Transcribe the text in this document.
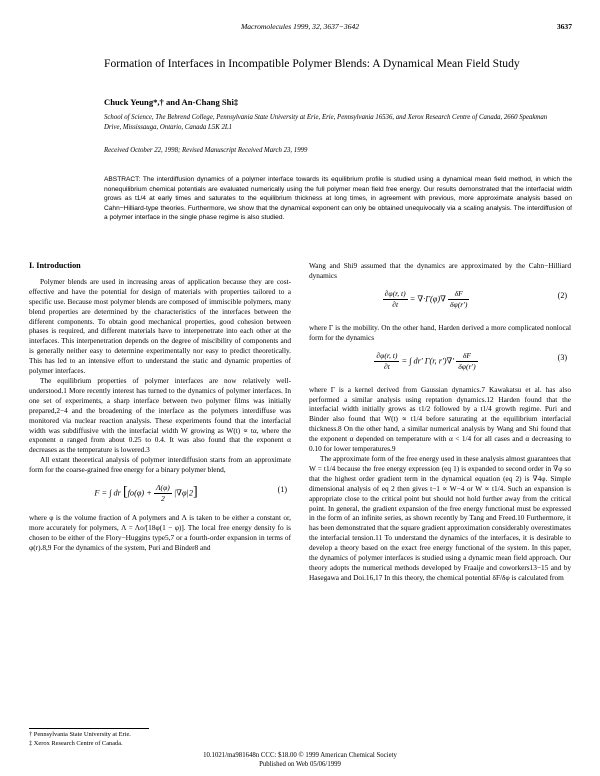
Macromolecules 1999, 32, 3637−3642	3637
Formation of Interfaces in Incompatible Polymer Blends: A Dynamical Mean Field Study
Chuck Yeung*,† and An-Chang Shi‡
School of Science, The Behrend College, Pennsylvania State University at Erie, Erie, Pennsylvania 16536, and Xerox Research Centre of Canada, 2660 Speakman Drive, Mississauga, Ontario, Canada L5K 2L1
Received October 22, 1998; Revised Manuscript Received March 23, 1999
ABSTRACT: The interdiffusion dynamics of a polymer interface towards its equilibrium profile is studied using a dynamical mean field method, in which the nonequilibrium chemical potentials are evaluated numerically using the full polymer mean field free energy. Our results demonstrated that the interfacial width grows as t1/4 at early times and saturates to the equilibrium thickness at long times, in agreement with previous, more approximate analysis based on Cahn−Hilliard-type theories. Furthermore, we show that the dynamical exponent can only be obtained unequivocally via a scaling analysis. The interdiffusion of a polymer interface in the single phase regime is also studied.
I. Introduction

Polymer blends are used in increasing areas of application because they are cost-effective and have the potential for design of materials with properties tailored to a specific use. Because most polymer blends are composed of immiscible polymers, many blend properties are determined by the characteristics of the interfaces between the different components. To obtain good mechanical properties, good cohesion between phases is required, and different materials have to interpenetrate into each other at the interfaces. This interpenetration depends on the degree of miscibility of components and is generally neither easy to determine experimentally nor easy to predict theoretically. This has led to an intensive effort to understand the static and dynamic properties of polymer interfaces.

The equilibrium properties of polymer interfaces are now relatively well-understood.1 More recently interest has turned to the dynamics of polymer interfaces. In one set of experiments, a sharp interface between two polymer films was initially prepared,2−4 and the broadening of the interface as the polymers interdiffuse was monitored via nuclear reaction analysis. These experiments found that the interfacial width was subdiffusive with the interfacial width W growing as W(t) ∝ tα, where the exponent α ranged from about 0.25 to 0.4. It was also found that the exponent α decreases as the temperature is lowered.3

All extant theoretical analysis of polymer interdiffusion starts from an approximate form for the coarse-grained free energy for a binary polymer blend,

F = ∫ dr $[fo(\varphi) + \frac{\Lambda(\varphi)}{2} |\nabla\varphi|2]$	(1)

where φ is the volume fraction of A polymers and Λ is taken to be either a constant or, more accurately for polymers, Λ = Λo/[18φ(1 − φ)]. The local free energy density fo is chosen to be either of the Flory−Huggins type5,7 or a fourth-order expansion in terms of φ(r).8,9 For the dynamics of the system, Puri and Binder8 and

† Pennsylvania State University at Erie.
‡ Xerox Research Centre of Canada.

Wang and Shi9 assumed that the dynamics are approximated by the Cahn−Hilliard dynamics

$\frac{\partial\varphi(r, t)}{\partial t} = \nabla\cdot\Gamma(\varphi)\nabla \frac{\delta F}{\delta\varphi(r')}$	(2)

where Γ is the mobility. On the other hand, Harden derived a more complicated nonlocal form for the dynamics

$\frac{\partial\varphi(r, t)}{\partial t}$ = ∫ dr′ Γ(r, $r')\nabla' \frac{\delta F}{\delta\varphi(r')}$	(3)

where Γ is a kernel derived from Gaussian dynamics.7 Kawakatsu et al. has also performed a similar analysis using reptation dynamics.12 Harden found that the interfacial width initially grows as t1/2 followed by a t1/4 growth regime. Puri and Binder also found that W(t) ∝ t1/4 before saturating at the equilibrium interfacial thickness.8 On the other hand, a similar numerical analysis by Wang and Shi found that the exponent α depended on temperature with α < 1/4 for all cases and α decreasing to 0.10 for lower temperatures.9

The approximate form of the free energy used in these analysis almost guarantees that W = t1/4 because the free energy expression (eq 1) is expanded to second order in ∇φ so that the highest order gradient term in the dynamical equation (eq 2) is ∇4φ. Simple dimensional analysis of eq 2 then gives t−1 ∝ W−4 or W ∝ t1/4. Such an expansion is appropriate close to the critical point but should not hold further away from the critical point. In general, the gradient expansion of the free energy functional must be expressed in the form of an infinite series, as shown recently by Tang and Freed.10 Furthermore, it has been demonstrated that the square gradient approximation considerably overestimates the interfacial tension.11 To understand the dynamics of the interfaces, it is desirable to develop a theory based on the exact free energy functional of the system. In this paper, the dynamics of polymer interfaces is studied using a dynamic mean field approach. Our theory adopts the numerical methods developed by Fraaije and coworkers13−15 and by Hasegawa and Doi.16,17 In this theory, the chemical potential δF/δφ is calculated from

10.1021/ma981648n CCC: $18.00 © 1999 American Chemical Society
Published on Web 05/06/1999
